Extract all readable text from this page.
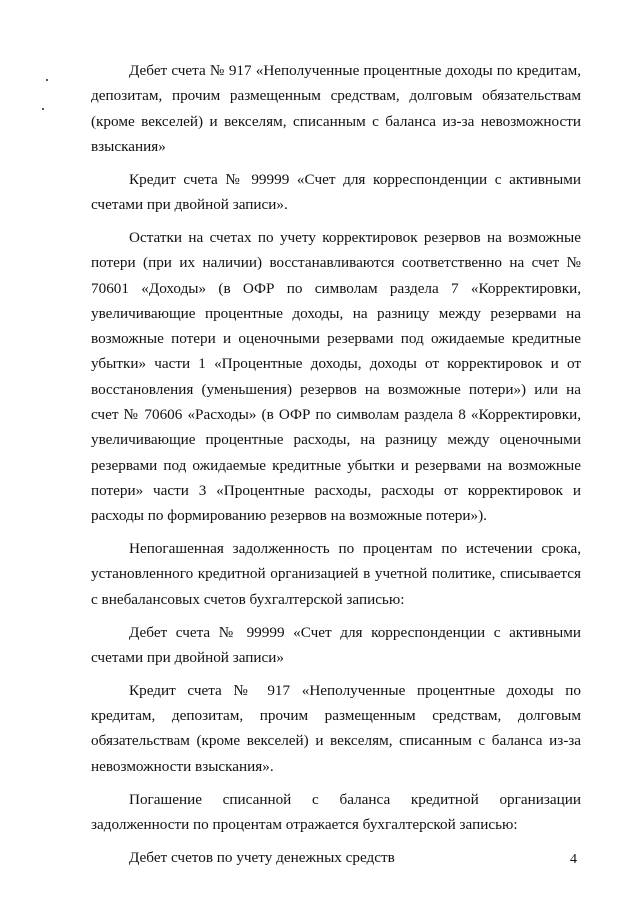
Дебет счета № 917 «Неполученные процентные доходы по кредитам, депозитам, прочим размещенным средствам, долговым обязательствам (кроме векселей) и векселям, списанным с баланса из-за невозможности взыскания»

Кредит счета № 99999 «Счет для корреспонденции с активными счетами при двойной записи».

Остатки на счетах по учету корректировок резервов на возможные потери (при их наличии) восстанавливаются соответственно на счет № 70601 «Доходы» (в ОФР по символам раздела 7 «Корректировки, увеличивающие процентные доходы, на разницу между резервами на возможные потери и оценочными резервами под ожидаемые кредитные убытки» части 1 «Процентные доходы, доходы от корректировок и от восстановления (уменьшения) резервов на возможные потери») или на счет № 70606 «Расходы» (в ОФР по символам раздела 8 «Корректировки, увеличивающие процентные расходы, на разницу между оценочными резервами под ожидаемые кредитные убытки и резервами на возможные потери» части 3 «Процентные расходы, расходы от корректировок и расходы по формированию резервов на возможные потери»).

Непогашенная задолженность по процентам по истечении срока, установленного кредитной организацией в учетной политике, списывается с внебалансовых счетов бухгалтерской записью:

Дебет счета № 99999 «Счет для корреспонденции с активными счетами при двойной записи»

Кредит счета № 917 «Неполученные процентные доходы по кредитам, депозитам, прочим размещенным средствам, долговым обязательствам (кроме векселей) и векселям, списанным с баланса из-за невозможности взыскания».

Погашение списанной с баланса кредитной организации задолженности по процентам отражается бухгалтерской записью:

Дебет счетов по учету денежных средств	4
